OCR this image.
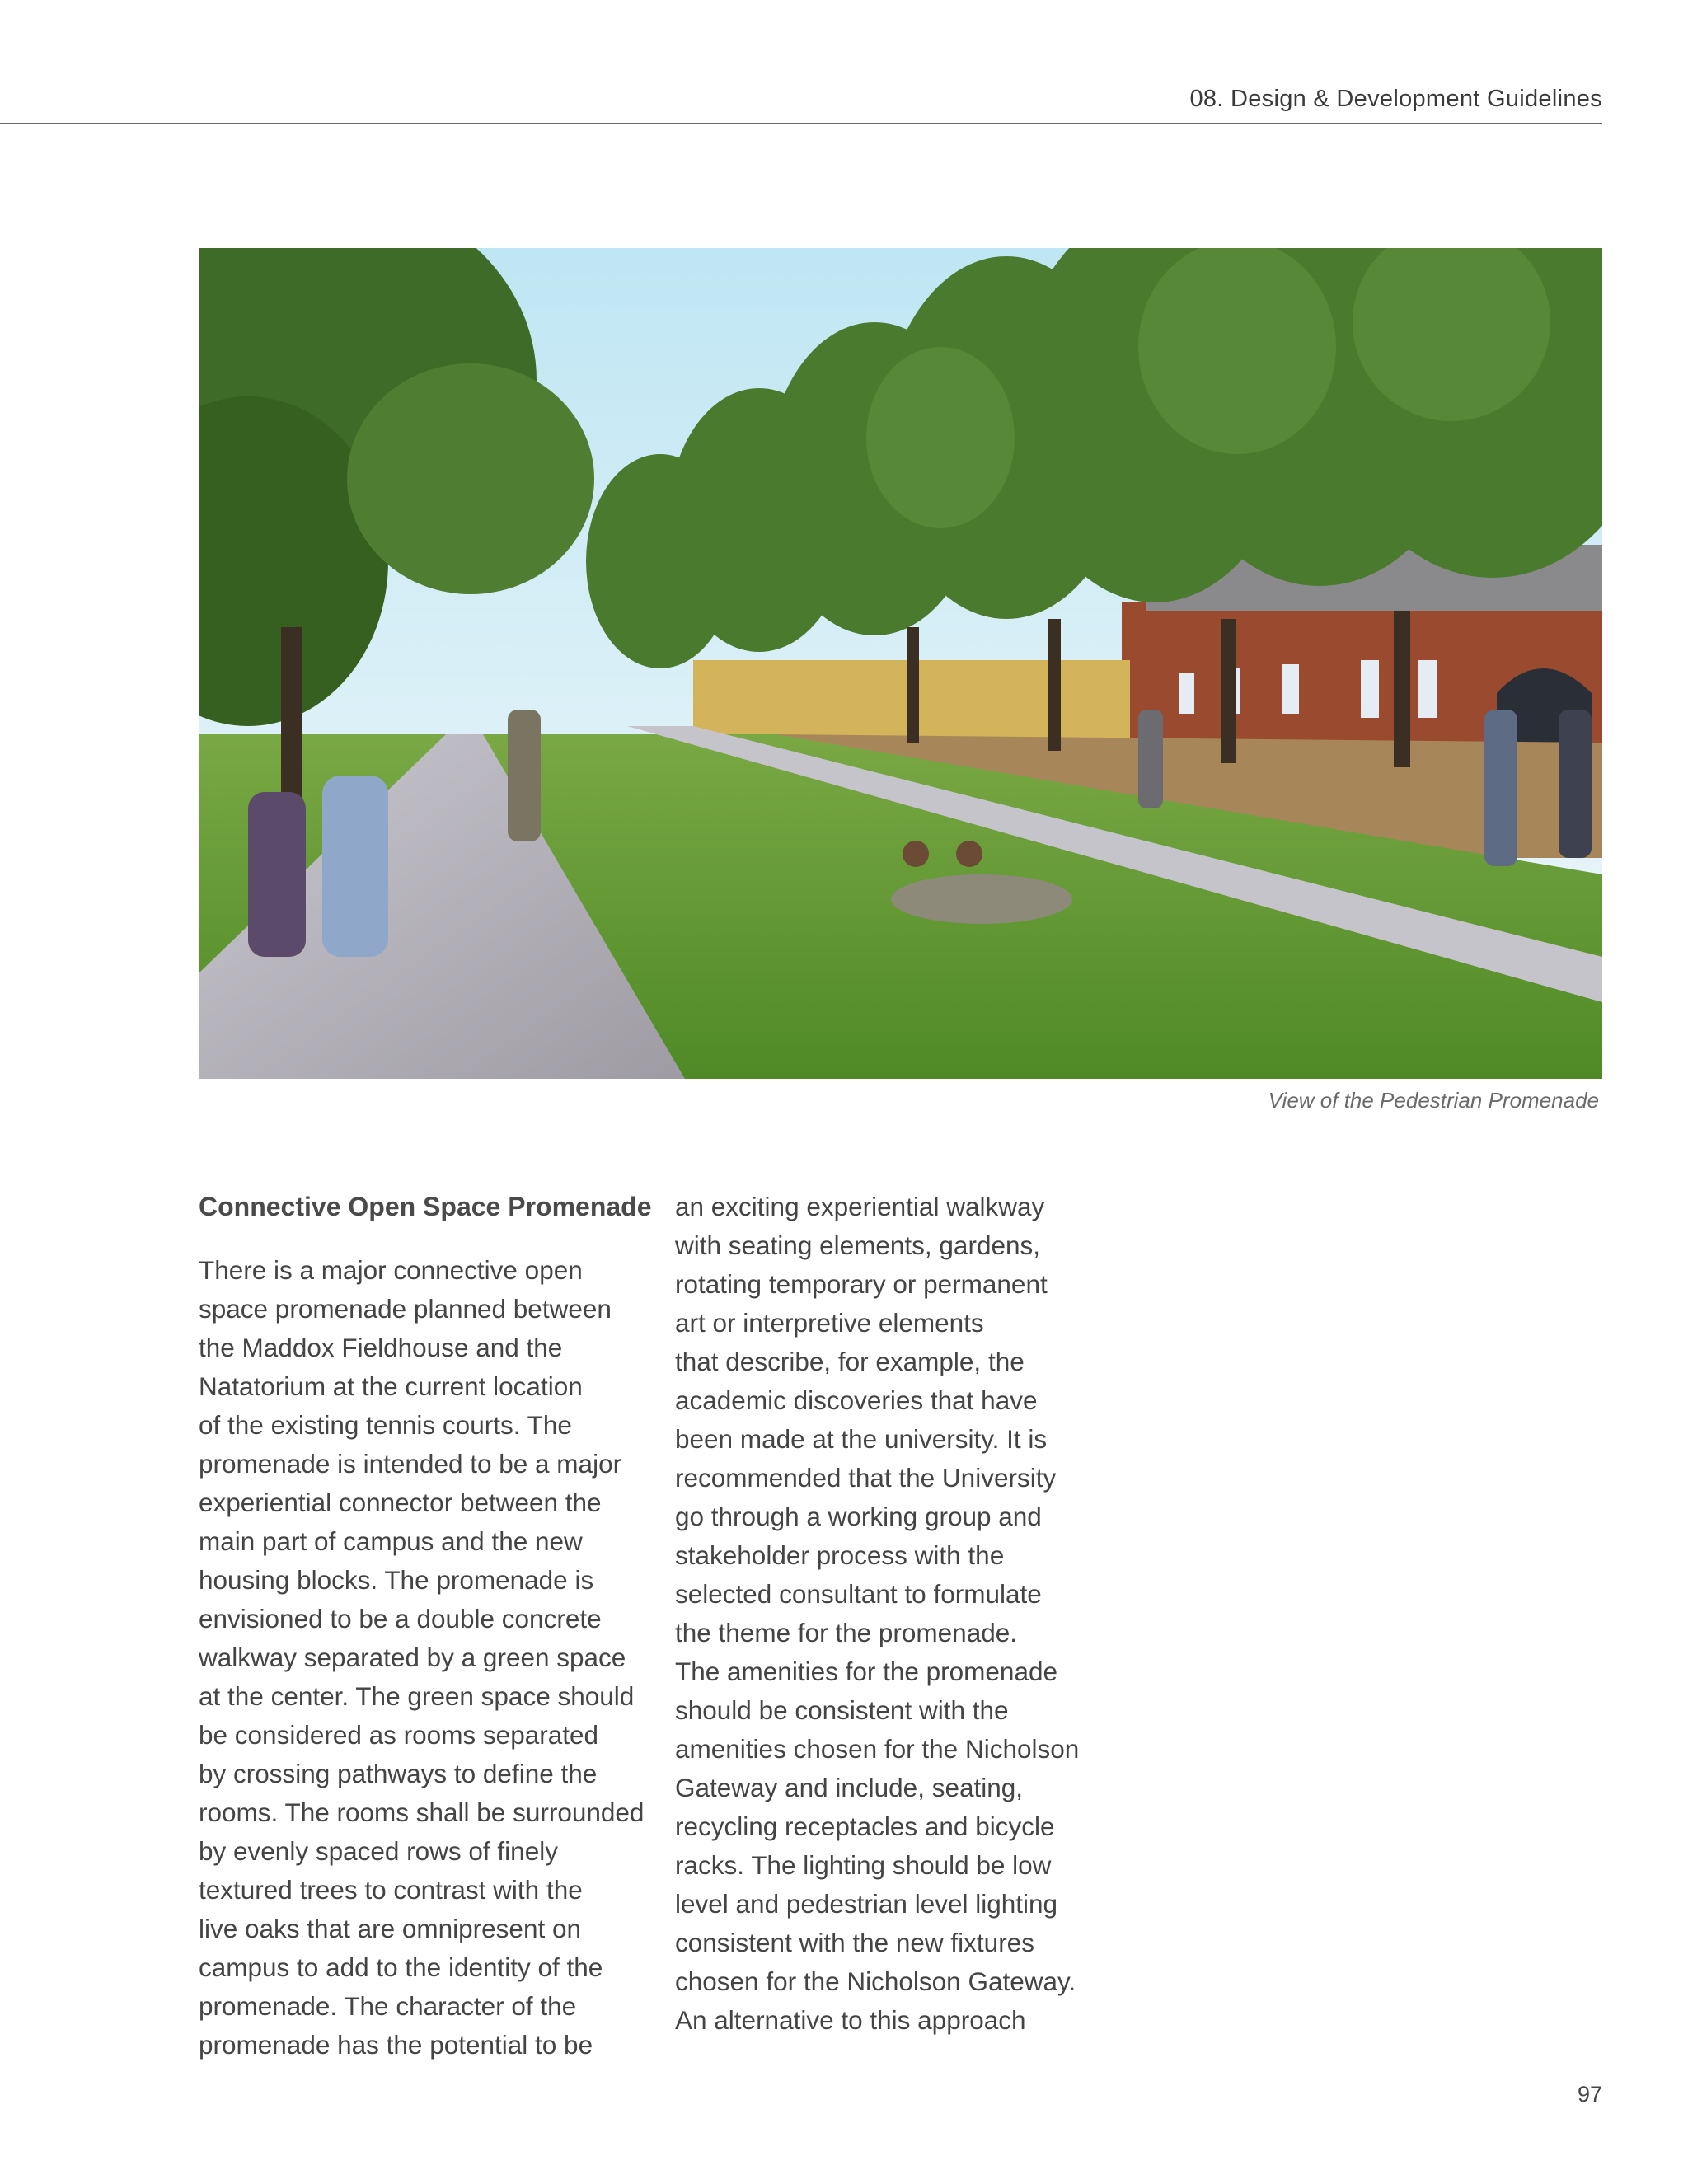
08. Design & Development Guidelines
View of the Pedestrian Promenade
Connective Open Space Promenade
There is a major connective open
space promenade planned between
the Maddox Fieldhouse and the
Natatorium at the current location
of the existing tennis courts. The
promenade is intended to be a major
experiential connector between the
main part of campus and the new
housing blocks. The promenade is
envisioned to be a double concrete
walkway separated by a green space
at the center. The green space should
be considered as rooms separated
by crossing pathways to define the
rooms. The rooms shall be surrounded
by evenly spaced rows of finely
textured trees to contrast with the
live oaks that are omnipresent on
campus to add to the identity of the
promenade. The character of the
promenade has the potential to be
an exciting experiential walkway
with seating elements, gardens,
rotating temporary or permanent
art or interpretive elements
that describe, for example, the
academic discoveries that have
been made at the university. It is
recommended that the University
go through a working group and
stakeholder process with the
selected consultant to formulate
the theme for the promenade.
The amenities for the promenade
should be consistent with the
amenities chosen for the Nicholson
Gateway and include, seating,
recycling receptacles and bicycle
racks. The lighting should be low
level and pedestrian level lighting
consistent with the new fixtures
chosen for the Nicholson Gateway.
An alternative to this approach
97
